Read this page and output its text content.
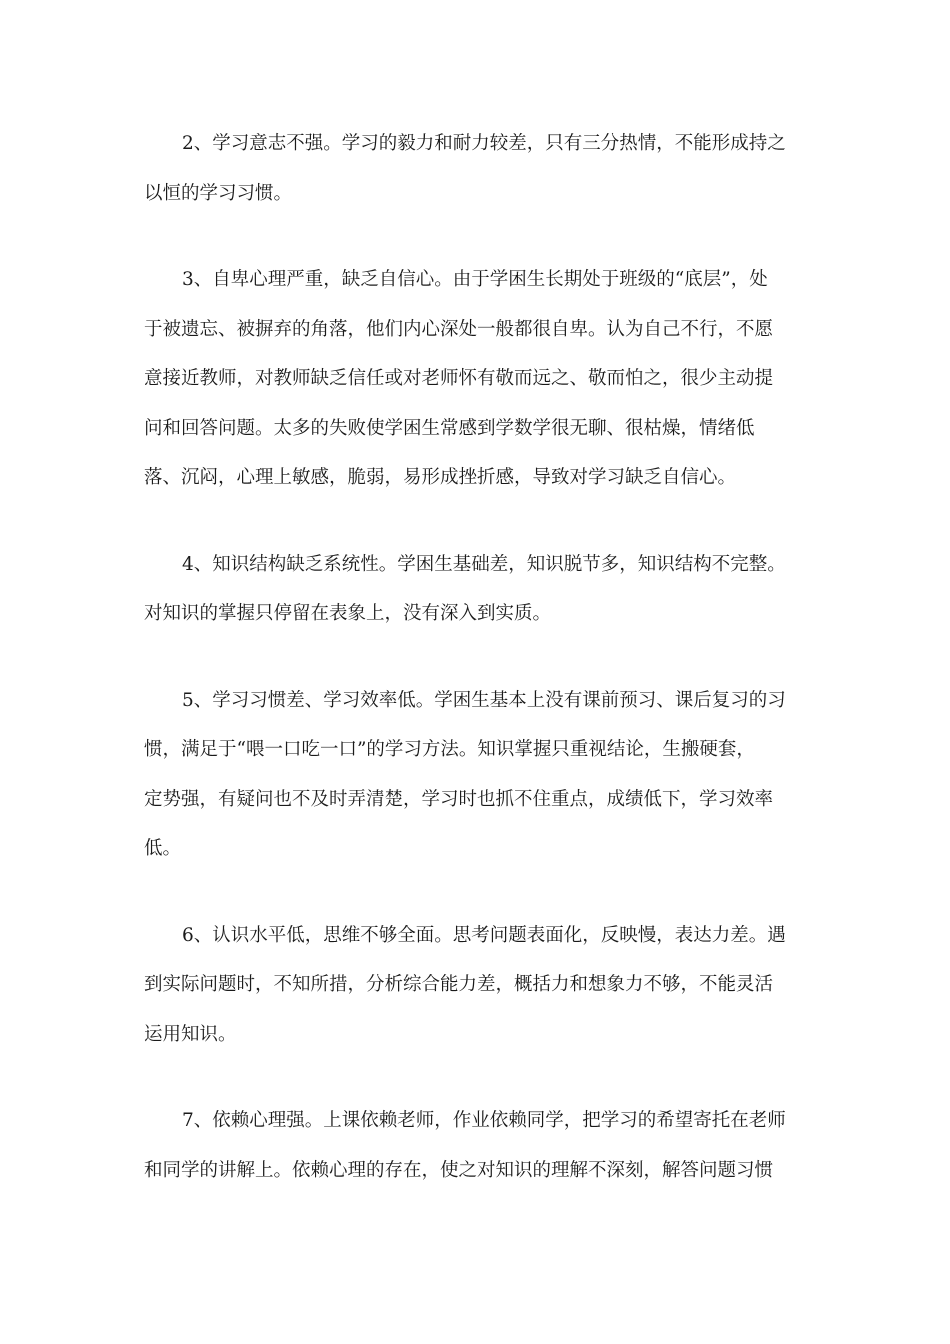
2、学习意志不强。学习的毅力和耐力较差，只有三分热情，不能形成持之
以恒的学习习惯。
3、自卑心理严重，缺乏自信心。由于学困生长期处于班级的“底层”，处
于被遗忘、被摒弃的角落，他们内心深处一般都很自卑。认为自己不行，不愿
意接近教师，对教师缺乏信任或对老师怀有敬而远之、敬而怕之，很少主动提
问和回答问题。太多的失败使学困生常感到学数学很无聊、很枯燥，情绪低
落、沉闷，心理上敏感，脆弱，易形成挫折感，导致对学习缺乏自信心。
4、知识结构缺乏系统性。学困生基础差，知识脱节多，知识结构不完整。
对知识的掌握只停留在表象上，没有深入到实质。
5、学习习惯差、学习效率低。学困生基本上没有课前预习、课后复习的习
惯，满足于“喂一口吃一口”的学习方法。知识掌握只重视结论，生搬硬套，
定势强，有疑问也不及时弄清楚，学习时也抓不住重点，成绩低下，学习效率
低。
6、认识水平低，思维不够全面。思考问题表面化，反映慢，表达力差。遇
到实际问题时，不知所措，分析综合能力差，概括力和想象力不够，不能灵活
运用知识。
7、依赖心理强。上课依赖老师，作业依赖同学，把学习的希望寄托在老师
和同学的讲解上。依赖心理的存在，使之对知识的理解不深刻，解答问题习惯
